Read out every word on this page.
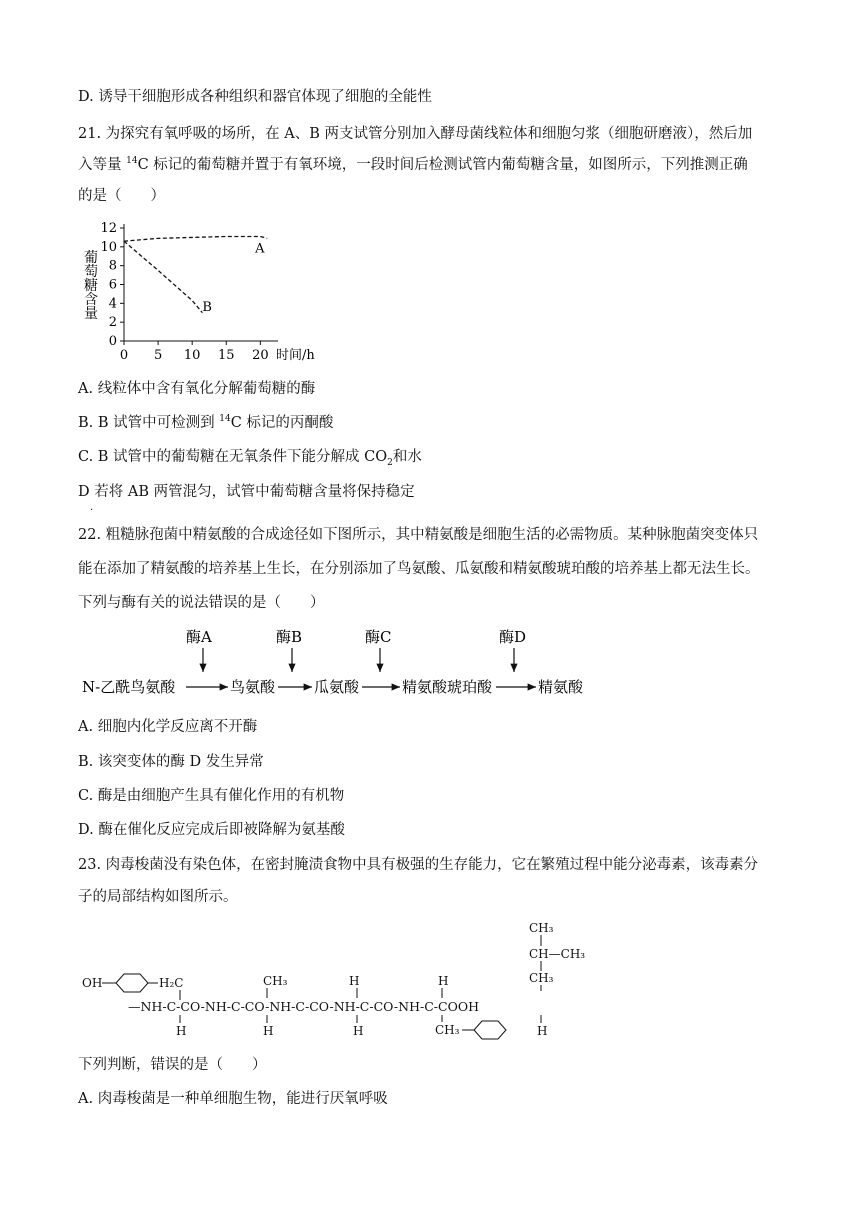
D. 诱导干细胞形成各种组织和器官体现了细胞的全能性
21. 为探究有氧呼吸的场所，在 A、B 两支试管分别加入酵母菌线粒体和细胞匀浆（细胞研磨液），然后加
入等量 $^{14}$C 标记的葡萄糖并置于有氧环境，一段时间后检测试管内葡萄糖含量，如图所示，下列推测正确
的是（　　）
0
2
4
6
8
10
12
0 5 10 15 20 时间/h
葡萄糖含量
A
B
A. 线粒体中含有氧化分解葡萄糖的酶
B. B 试管中可检测到 $^{14}$C 标记的丙酮酸
C. B 试管中的葡萄糖在无氧条件下能分解成 $CO_2$和水
D 若将 AB 两管混匀，试管中葡萄糖含量将保持稳定
.
22. 粗糙脉孢菌中精氨酸的合成途径如下图所示，其中精氨酸是细胞生活的必需物质。某种脉胞菌突变体只
能在添加了精氨酸的培养基上生长，在分别添加了鸟氨酸、瓜氨酸和精氨酸琥珀酸的培养基上都无法生长。
下列与酶有关的说法错误的是（　　）
酶A	酶B	酶C	酶D
N-乙酰鸟氨酸	鸟氨酸	瓜氨酸	精氨酸琥珀酸	精氨酸
A. 细胞内化学反应离不开酶
B. 该突变体的酶 D 发生异常
C. 酶是由细胞产生具有催化作用的有机物
D. 酶在催化反应完成后即被降解为氨基酸
23. 肉毒梭菌没有染色体，在密封腌渍食物中具有极强的生存能力，它在繁殖过程中能分泌毒素，该毒素分
子的局部结构如图所示。
CH₃
CH—CH₃
CH₃
OH	H₂C	CH₃	H	H
—NH-C-CO-NH-C-CO-NH-C-CO-NH-C-CO-NH-C-COOH
H	H	H	CH₃	H
下列判断，错误的是（　　）
A. 肉毒梭菌是一种单细胞生物，能进行厌氧呼吸
